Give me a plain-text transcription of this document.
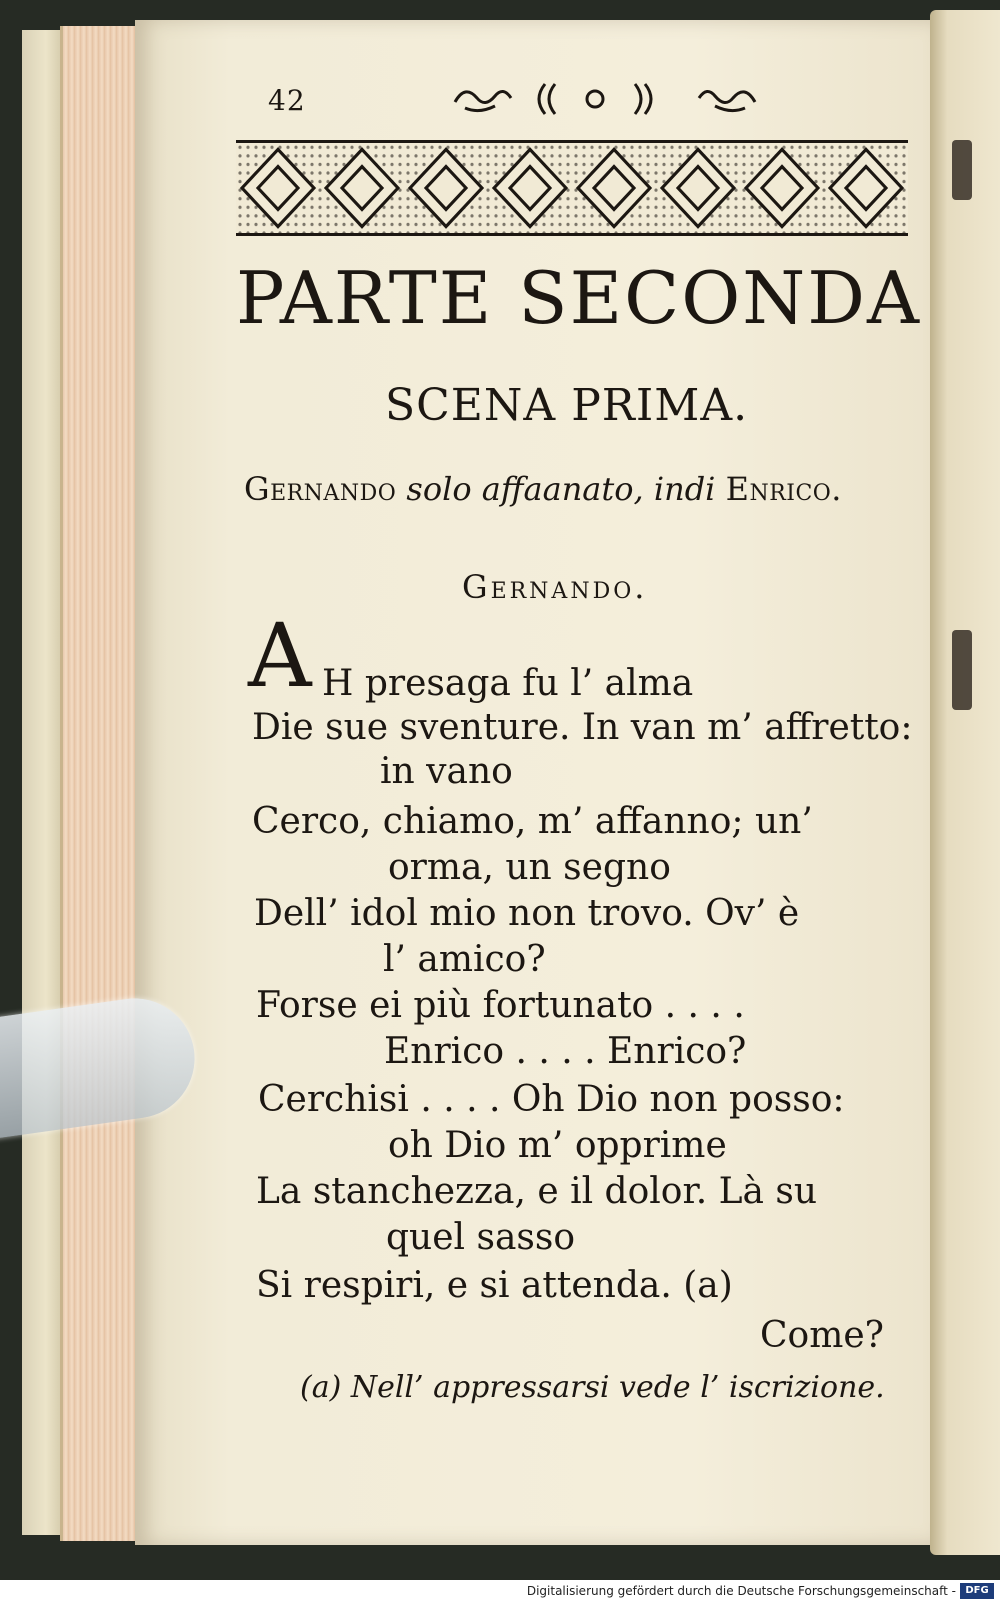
42
PARTE SECONDA
SCENA PRIMA.
Gernando solo affaanato, indi Enrico.
Gernando.
A H presaga fu l’ alma
Die sue sventure. In van m’ affretto:
in vano
Cerco, chiamo, m’ affanno; un’
orma, un segno
Dell’ idol mio non trovo. Ov’ è
l’ amico?
Forse ei più fortunato . . . .
Enrico . . . . Enrico?
Cerchisi . . . . Oh Dio non posso:
oh Dio m’ opprime
La stanchezza, e il dolor. Là su
quel sasso
Si respiri, e si attenda. (a)
Come?
(a) Nell’ appressarsi vede l’ iscrizione.
Digitalisierung gefördert durch die Deutsche Forschungsgemeinschaft - DFG
